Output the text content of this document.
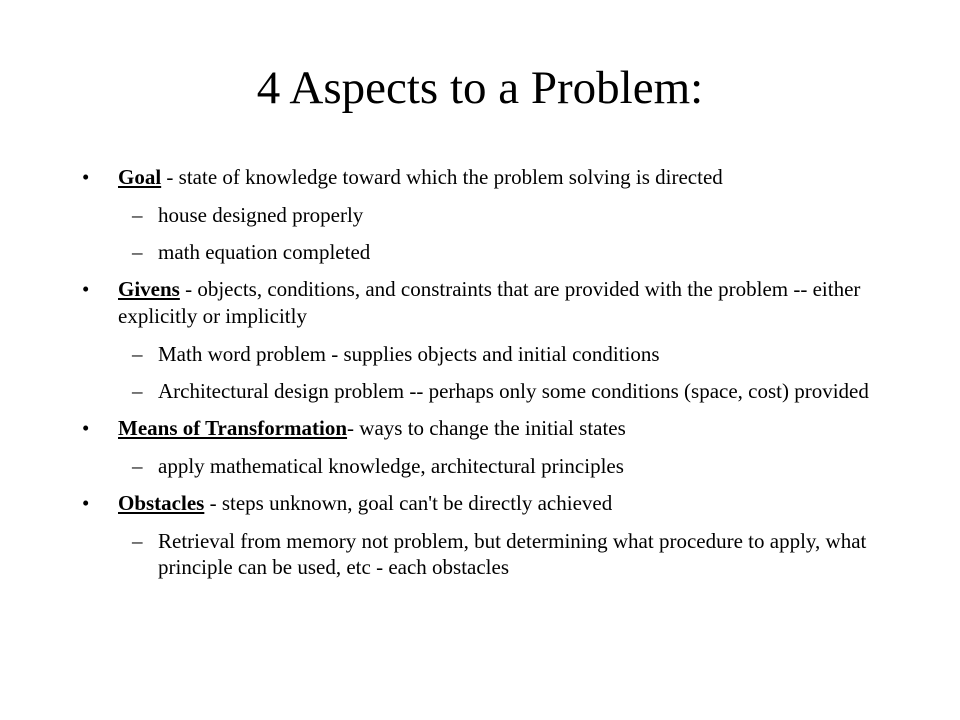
4 Aspects to a Problem:
• Goal - state of knowledge toward which the problem solving is directed
– house designed properly
– math equation completed
• Givens - objects, conditions, and constraints that are provided with the problem -- either explicitly or implicitly
– Math word problem - supplies objects and initial conditions
– Architectural design problem -- perhaps only some conditions (space, cost) provided
• Means of Transformation- ways to change the initial states
– apply mathematical knowledge, architectural principles
• Obstacles - steps unknown, goal can't be directly achieved
– Retrieval from memory not problem, but determining what procedure to apply, what principle can be used, etc - each obstacles
